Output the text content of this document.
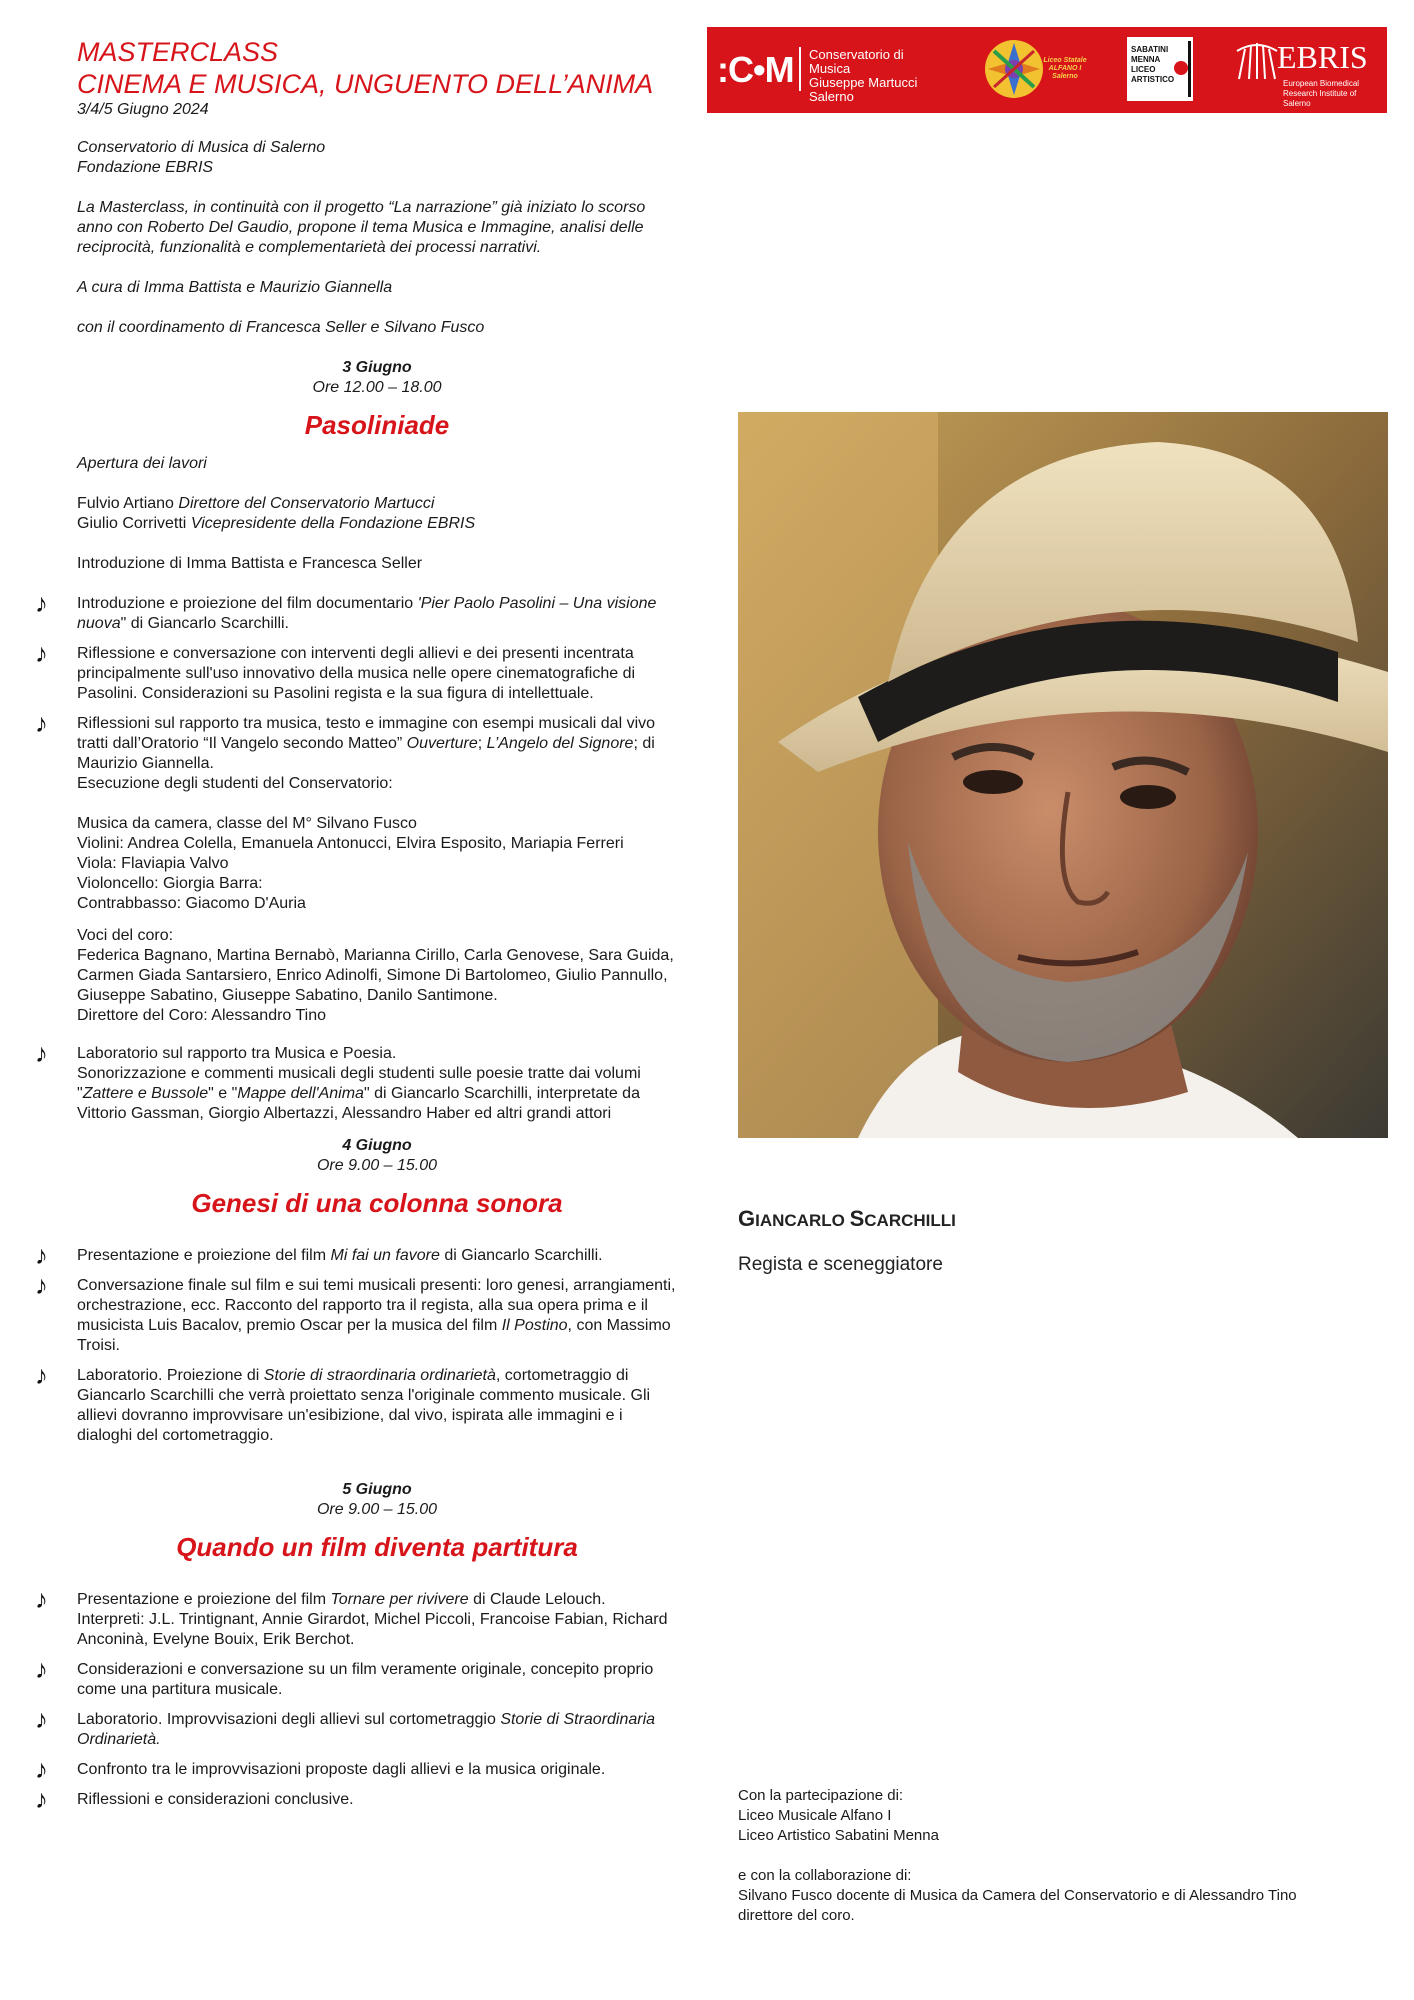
MASTERCLASS

CINEMA E MUSICA, UNGUENTO DELL’ANIMA

3/4/5 Giugno 2024

Conservatorio di Musica di Salerno

Fondazione EBRIS

La Masterclass, in continuità con il progetto “La narrazione” già iniziato lo scorso anno con Roberto Del Gaudio, propone il tema Musica e Immagine, analisi delle reciprocità, funzionalità e complementarietà dei processi narrativi.

A cura di Imma Battista e Maurizio Giannella

con il coordinamento di Francesca Seller e Silvano Fusco

3 Giugno
Ore 12.00 – 18.00
Pasoliniade

Apertura dei lavori

Fulvio Artiano Direttore del Conservatorio Martucci

Giulio Corrivetti Vicepresidente della Fondazione EBRIS

Introduzione di Imma Battista e Francesca Seller

♪ Introduzione e proiezione del film documentario 'Pier Paolo Pasolini – Una visione nuova" di Giancarlo Scarchilli.

♪ Riflessione e conversazione con interventi degli allievi e dei presenti incentrata principalmente sull'uso innovativo della musica nelle opere cinematografiche di Pasolini. Considerazioni su Pasolini regista e la sua figura di intellettuale.

♪ Riflessioni sul rapporto tra musica, testo e immagine con esempi musicali dal vivo tratti dall’Oratorio “Il Vangelo secondo Matteo” Ouverture; L’Angelo del Signore; di Maurizio Giannella.

Esecuzione degli studenti del Conservatorio:

Musica da camera, classe del M° Silvano Fusco

Violini: Andrea Colella, Emanuela Antonucci, Elvira Esposito, Mariapia Ferreri

Viola: Flaviapia Valvo

Violoncello: Giorgia Barra:

Contrabbasso: Giacomo D'Auria

Voci del coro:

Federica Bagnano, Martina Bernabò, Marianna Cirillo, Carla Genovese, Sara Guida, Carmen Giada Santarsiero, Enrico Adinolfi, Simone Di Bartolomeo, Giulio Pannullo, Giuseppe Sabatino, Giuseppe Sabatino, Danilo Santimone.

Direttore del Coro: Alessandro Tino

♪ Laboratorio sul rapporto tra Musica e Poesia.

Sonorizzazione e commenti musicali degli studenti sulle poesie tratte dai volumi "Zattere e Bussole" e "Mappe dell'Anima" di Giancarlo Scarchilli, interpretate da Vittorio Gassman, Giorgio Albertazzi, Alessandro Haber ed altri grandi attori

4 Giugno
Ore 9.00 – 15.00
Genesi di una colonna sonora
♪ Presentazione e proiezione del film Mi fai un favore di Giancarlo Scarchilli.

♪ Conversazione finale sul film e sui temi musicali presenti: loro genesi, arrangiamenti, orchestrazione, ecc. Racconto del rapporto tra il regista, alla sua opera prima e il musicista Luis Bacalov, premio Oscar per la musica del film Il Postino, con Massimo Troisi.

♪ Laboratorio. Proiezione di Storie di straordinaria ordinarietà, cortometraggio di Giancarlo Scarchilli che verrà proiettato senza l'originale commento musicale. Gli allievi dovranno improvvisare un'esibizione, dal vivo, ispirata alle immagini e i dialoghi del cortometraggio.

5 Giugno
Ore 9.00 – 15.00
Quando un film diventa partitura
♪ Presentazione e proiezione del film Tornare per rivivere di Claude Lelouch.

Interpreti: J.L. Trintignant, Annie Girardot, Michel Piccoli, Francoise Fabian, Richard Anconinà, Evelyne Bouix, Erik Berchot.

♪ Considerazioni e conversazione su un film veramente originale, concepito proprio come una partitura musicale.

♪ Laboratorio. Improvvisazioni degli allievi sul cortometraggio Storie di Straordinaria Ordinarietà.

♪ Confronto tra le improvvisazioni proposte dagli allievi e la musica originale.

♪ Riflessioni e considerazioni conclusive.

:C•M Conservatorio di Musica
Giuseppe Martucci
Salerno
Liceo Statale
ALFANO I
Salerno
SABATINI
MENNA
LICEO
ARTISTICO
EBRIS
European Biomedical
Research Institute of Salerno
GIANCARLO SCARCHILLI
Regista e sceneggiatore
Con la partecipazione di:
Liceo Musicale Alfano I
Liceo Artistico Sabatini Menna
e con la collaborazione di:
Silvano Fusco docente di Musica da Camera del Conservatorio e di Alessandro Tino direttore del coro.
